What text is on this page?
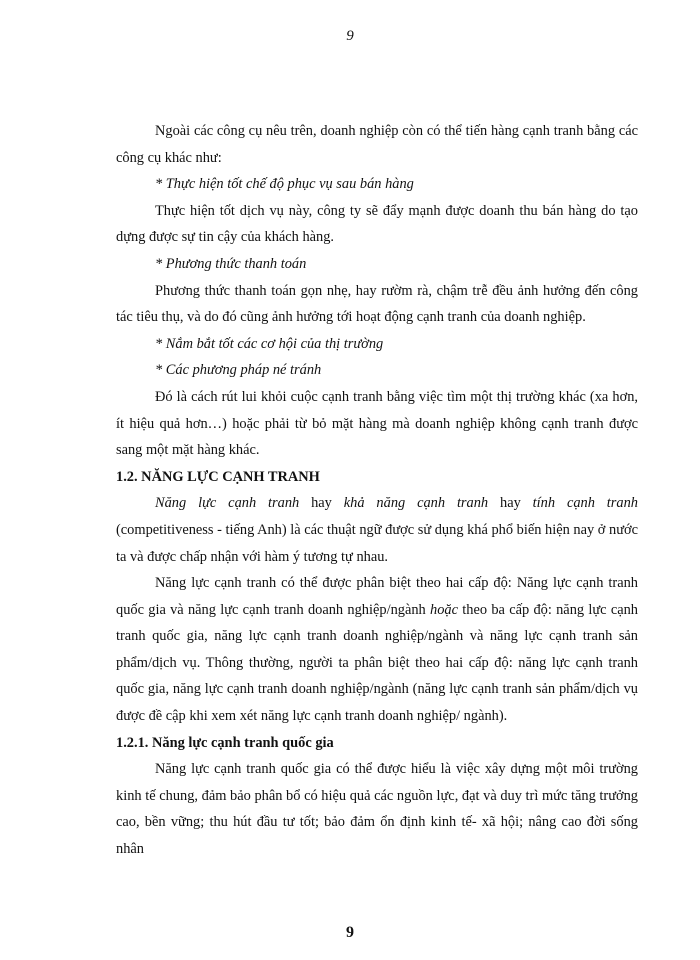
9

Ngoài các công cụ nêu trên, doanh nghiệp còn có thể tiến hàng cạnh tranh bằng các công cụ khác như:

* Thực hiện tốt chế độ phục vụ sau bán hàng

Thực hiện tốt dịch vụ này, công ty sẽ đẩy mạnh được doanh thu bán hàng do tạo dựng được sự tin cậy của khách hàng.

* Phương thức thanh toán

Phương thức thanh toán gọn nhẹ, hay rườm rà, chậm trễ đều ảnh hưởng đến công tác tiêu thụ, và do đó cũng ảnh hưởng tới hoạt động cạnh tranh của doanh nghiệp.

* Nắm bắt tốt các cơ hội của thị trường

* Các phương pháp né tránh

Đó là cách rút lui khỏi cuộc cạnh tranh bằng việc tìm một thị trường khác (xa hơn, ít hiệu quả hơn…) hoặc phải từ bỏ mặt hàng mà doanh nghiệp không cạnh tranh được sang một mặt hàng khác.

1.2. NĂNG LỰC CẠNH TRANH

Năng lực cạnh tranh hay khả năng cạnh tranh hay tính cạnh tranh (competitiveness - tiếng Anh) là các thuật ngữ được sử dụng khá phổ biến hiện nay ở nước ta và được chấp nhận với hàm ý tương tự nhau.

Năng lực cạnh tranh có thể được phân biệt theo hai cấp độ: Năng lực cạnh tranh quốc gia và năng lực cạnh tranh doanh nghiệp/ngành hoặc theo ba cấp độ: năng lực cạnh tranh quốc gia, năng lực cạnh tranh doanh nghiệp/ngành và năng lực cạnh tranh sản phẩm/dịch vụ. Thông thường, người ta phân biệt theo hai cấp độ: năng lực cạnh tranh quốc gia, năng lực cạnh tranh doanh nghiệp/ngành (năng lực cạnh tranh sản phẩm/dịch vụ được đề cập khi xem xét năng lực cạnh tranh doanh nghiệp/ ngành).

1.2.1. Năng lực cạnh tranh quốc gia

Năng lực cạnh tranh quốc gia có thể được hiểu là việc xây dựng một môi trường kinh tế chung, đảm bảo phân bổ có hiệu quả các nguồn lực, đạt và duy trì mức tăng trưởng cao, bền vững; thu hút đầu tư tốt; bảo đảm ổn định kinh tế- xã hội; nâng cao đời sống nhân

9
